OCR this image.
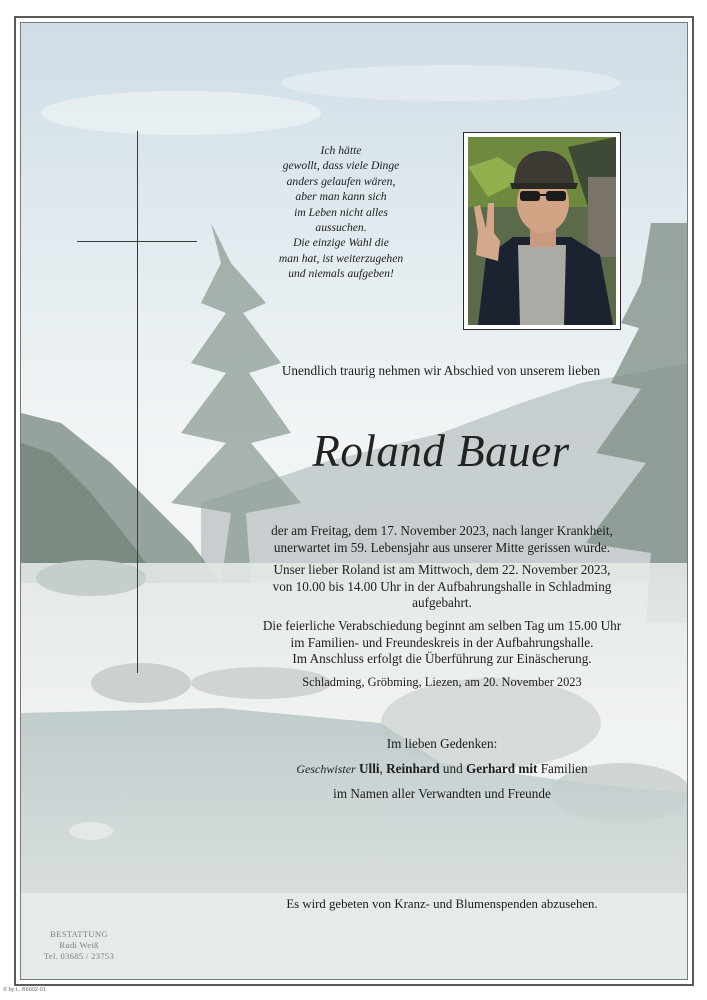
Ich hätte
gewollt, dass viele Dinge
anders gelaufen wären,
aber man kann sich
im Leben nicht alles
aussuchen.
Die einzige Wahl die
man hat, ist weiterzugehen
und niemals aufgeben!
Unendlich traurig nehmen wir Abschied von unserem lieben
Roland Bauer
der am Freitag, dem 17. November 2023, nach langer Krankheit,
unerwartet im 59. Lebensjahr aus unserer Mitte gerissen wurde.
Unser lieber Roland ist am Mittwoch, dem 22. November 2023,
von 10.00 bis 14.00 Uhr in der Aufbahrungshalle in Schladming
aufgebahrt.
Die feierliche Verabschiedung beginnt am selben Tag um 15.00 Uhr
im Familien- und Freundeskreis in der Aufbahrungshalle.
Im Anschluss erfolgt die Überführung zur Einäscherung.
Schladming, Gröbming, Liezen, am 20. November 2023
Im lieben Gedenken:
Geschwister Ulli, Reinhard und Gerhard mit Familien
im Namen aller Verwandten und Freunde
Es wird gebeten von Kranz- und Blumenspenden abzusehen.
BESTATTUNG
Rudi Weiß
Tel. 03685 / 23753
© by L. B6002-01
